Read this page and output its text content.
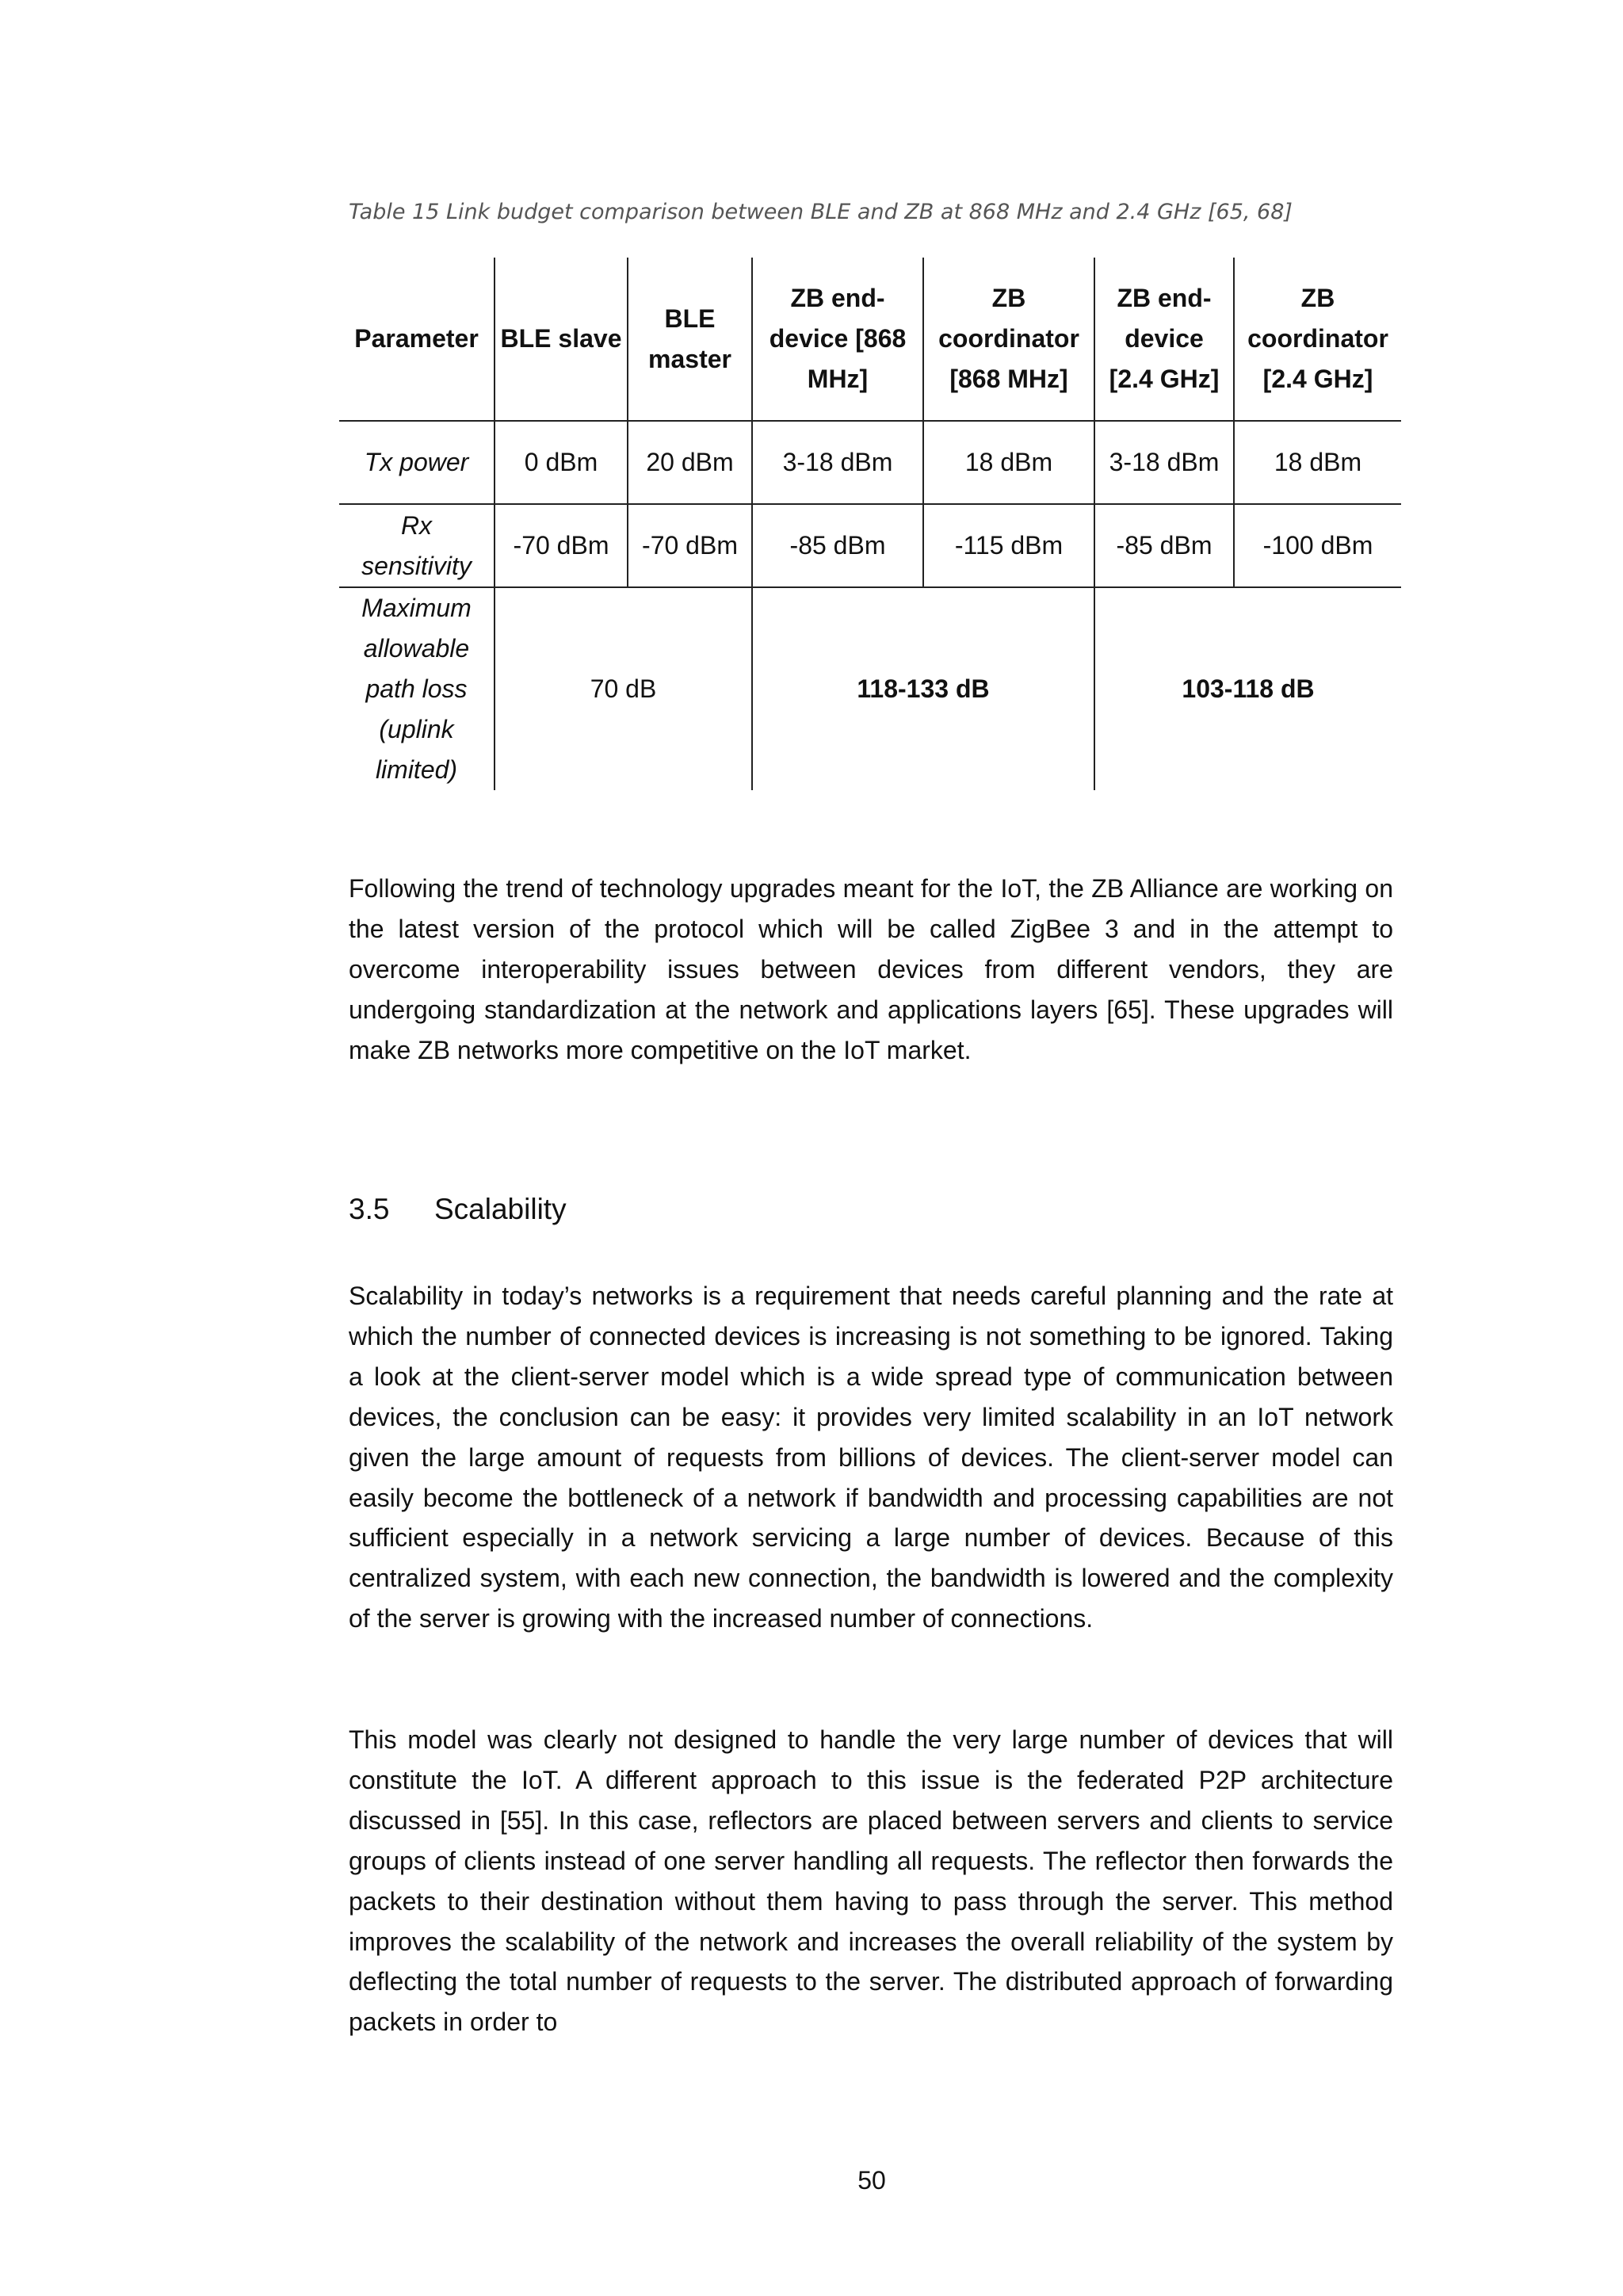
Table 15 Link budget comparison between BLE and ZB at 868 MHz and 2.4 GHz [65, 68]
Parameter	BLE slave	BLE master	ZB end-device [868 MHz]	ZB coordinator [868 MHz]	ZB end-device [2.4 GHz]	ZB coordinator [2.4 GHz]
Tx power	0 dBm	20 dBm	3-18 dBm	18 dBm	3-18 dBm	18 dBm
Rx sensitivity	-70 dBm	-70 dBm	-85 dBm	-115 dBm	-85 dBm	-100 dBm
Maximum allowable path loss (uplink limited)	70 dB		118-133 dB		103-118 dB	
Following the trend of technology upgrades meant for the IoT, the ZB Alliance are working on the latest version of the protocol which will be called ZigBee 3 and in the attempt to overcome interoperability issues between devices from different vendors, they are undergoing standardization at the network and applications layers [65]. These upgrades will make ZB networks more competitive on the IoT market.
3.5 Scalability
Scalability in today’s networks is a requirement that needs careful planning and the rate at which the number of connected devices is increasing is not something to be ignored. Taking a look at the client-server model which is a wide spread type of communication between devices, the conclusion can be easy: it provides very limited scalability in an IoT network given the large amount of requests from billions of devices. The client-server model can easily become the bottleneck of a network if bandwidth and processing capabilities are not sufficient especially in a network servicing a large number of devices. Because of this centralized system, with each new connection, the bandwidth is lowered and the complexity of the server is growing with the increased number of connections.
This model was clearly not designed to handle the very large number of devices that will constitute the IoT. A different approach to this issue is the federated P2P architecture discussed in [55]. In this case, reflectors are placed between servers and clients to service groups of clients instead of one server handling all requests. The reflector then forwards the packets to their destination without them having to pass through the server. This method improves the scalability of the network and increases the overall reliability of the system by deflecting the total number of requests to the server. The distributed approach of forwarding packets in order to
50
